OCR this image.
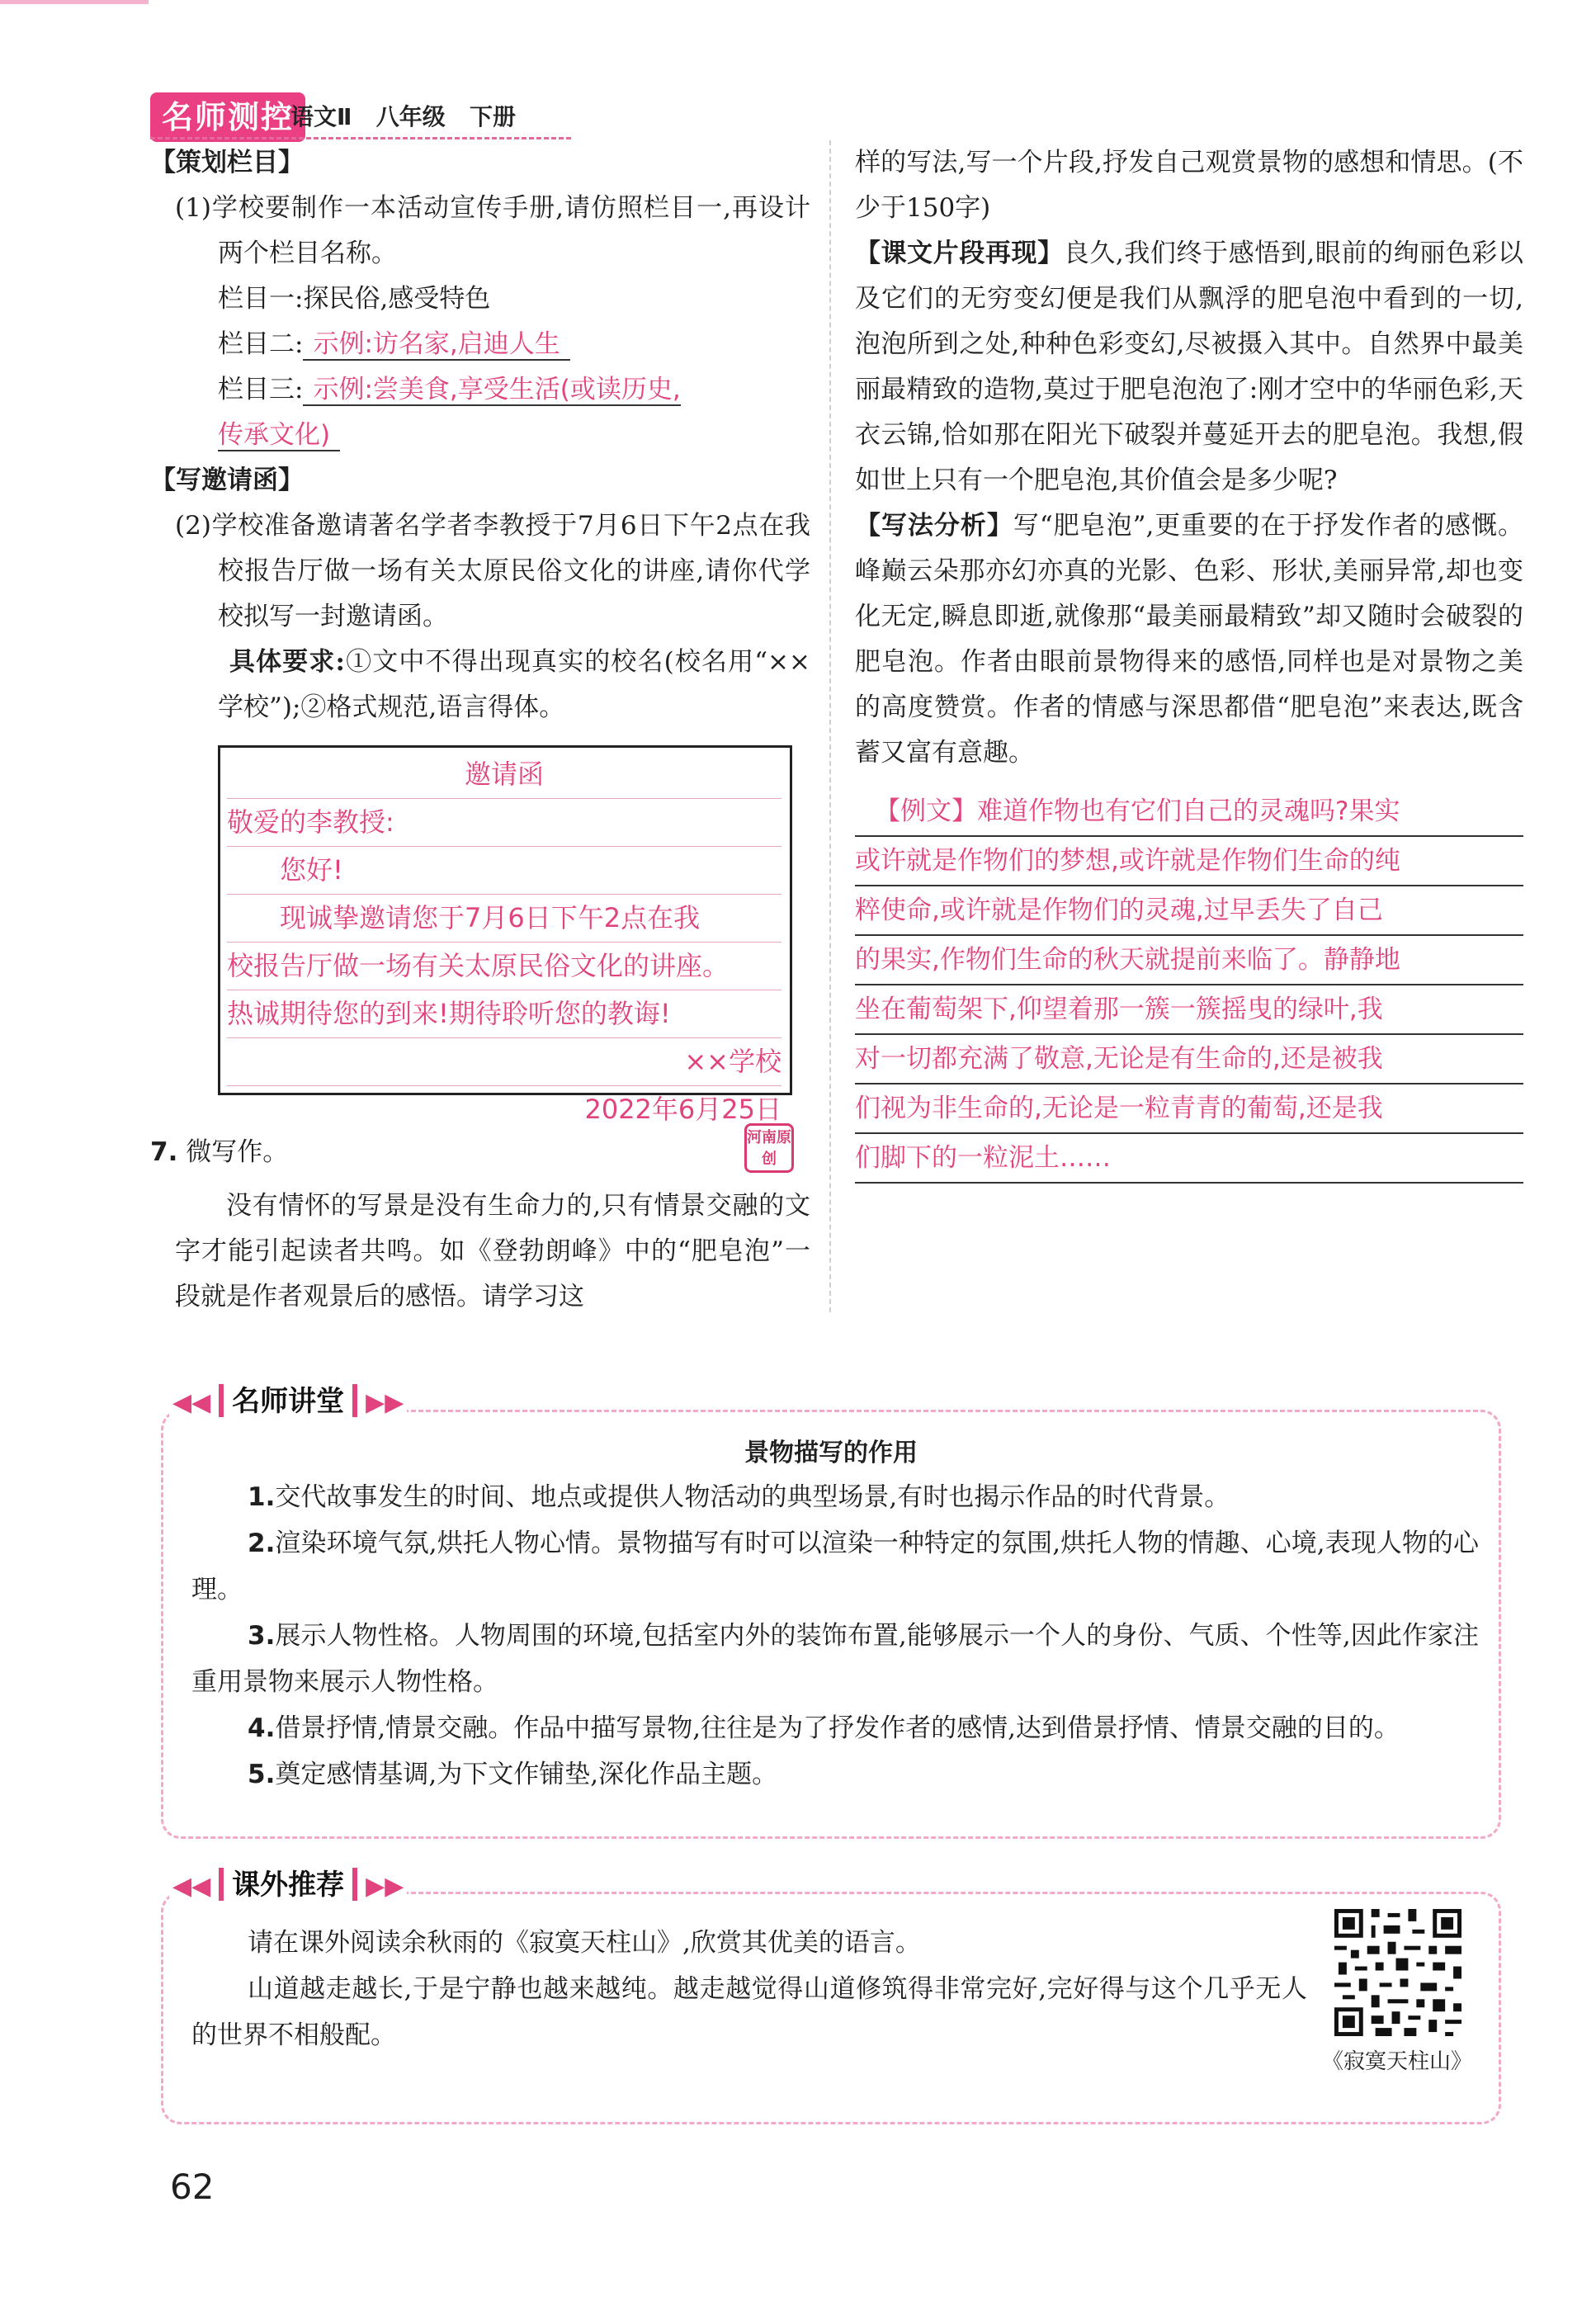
名师测控
语文Ⅱ 八年级 下册

【策划栏目】

(1)学校要制作一本活动宣传手册,请仿照栏目一,再设计两个栏目名称。

栏目一:探民俗,感受特色

栏目二: 示例:访名家,启迪人生

栏目三: 示例:尝美食,享受生活(或读历史,

传承文化)

【写邀请函】

(2)学校准备邀请著名学者李教授于7月6日下午2点在我校报告厅做一场有关太原民俗文化的讲座,请你代学校拟写一封邀请函。

具体要求:①文中不得出现真实的校名(校名用“××学校”);②格式规范,语言得体。

邀请函
敬爱的李教授:
您好!
现诚挚邀请您于7月6日下午2点在我
校报告厅做一场有关太原民俗文化的讲座。
热诚期待您的到来!期待聆听您的教诲!
××学校
2022年6月25日
7. 微写作。	河南原创

没有情怀的写景是没有生命力的,只有情景交融的文字才能引起读者共鸣。如《登勃朗峰》中的“肥皂泡”一段就是作者观景后的感悟。请学习这

样的写法,写一个片段,抒发自己观赏景物的感想和情思。(不少于150字)

【课文片段再现】良久,我们终于感悟到,眼前的绚丽色彩以及它们的无穷变幻便是我们从飘浮的肥皂泡中看到的一切,泡泡所到之处,种种色彩变幻,尽被摄入其中。自然界中最美丽最精致的造物,莫过于肥皂泡泡了:刚才空中的华丽色彩,天衣云锦,恰如那在阳光下破裂并蔓延开去的肥皂泡。我想,假如世上只有一个肥皂泡,其价值会是多少呢?

【写法分析】写“肥皂泡”,更重要的在于抒发作者的感慨。峰巅云朵那亦幻亦真的光影、色彩、形状,美丽异常,却也变化无定,瞬息即逝,就像那“最美丽最精致”却又随时会破裂的肥皂泡。作者由眼前景物得来的感悟,同样也是对景物之美的高度赞赏。作者的情感与深思都借“肥皂泡”来表达,既含蓄又富有意趣。

【例文】难道作物也有它们自己的灵魂吗?果实
或许就是作物们的梦想,或许就是作物们生命的纯
粹使命,或许就是作物们的灵魂,过早丢失了自己
的果实,作物们生命的秋天就提前来临了。静静地
坐在葡萄架下,仰望着那一簇一簇摇曳的绿叶,我
对一切都充满了敬意,无论是有生命的,还是被我
们视为非生命的,无论是一粒青青的葡萄,还是我
们脚下的一粒泥土……
◀◀ 名师讲堂 ▶▶
景物描写的作用

1.交代故事发生的时间、地点或提供人物活动的典型场景,有时也揭示作品的时代背景。

2.渲染环境气氛,烘托人物心情。景物描写有时可以渲染一种特定的氛围,烘托人物的情趣、心境,表现人物的心理。

3.展示人物性格。人物周围的环境,包括室内外的装饰布置,能够展示一个人的身份、气质、个性等,因此作家注重用景物来展示人物性格。

4.借景抒情,情景交融。作品中描写景物,往往是为了抒发作者的感情,达到借景抒情、情景交融的目的。

5.奠定感情基调,为下文作铺垫,深化作品主题。

◀◀ 课外推荐 ▶▶

请在课外阅读余秋雨的《寂寞天柱山》,欣赏其优美的语言。

山道越走越长,于是宁静也越来越纯。越走越觉得山道修筑得非常完好,完好得与这个几乎无人的世界不相般配。

《寂寞天柱山》
62
